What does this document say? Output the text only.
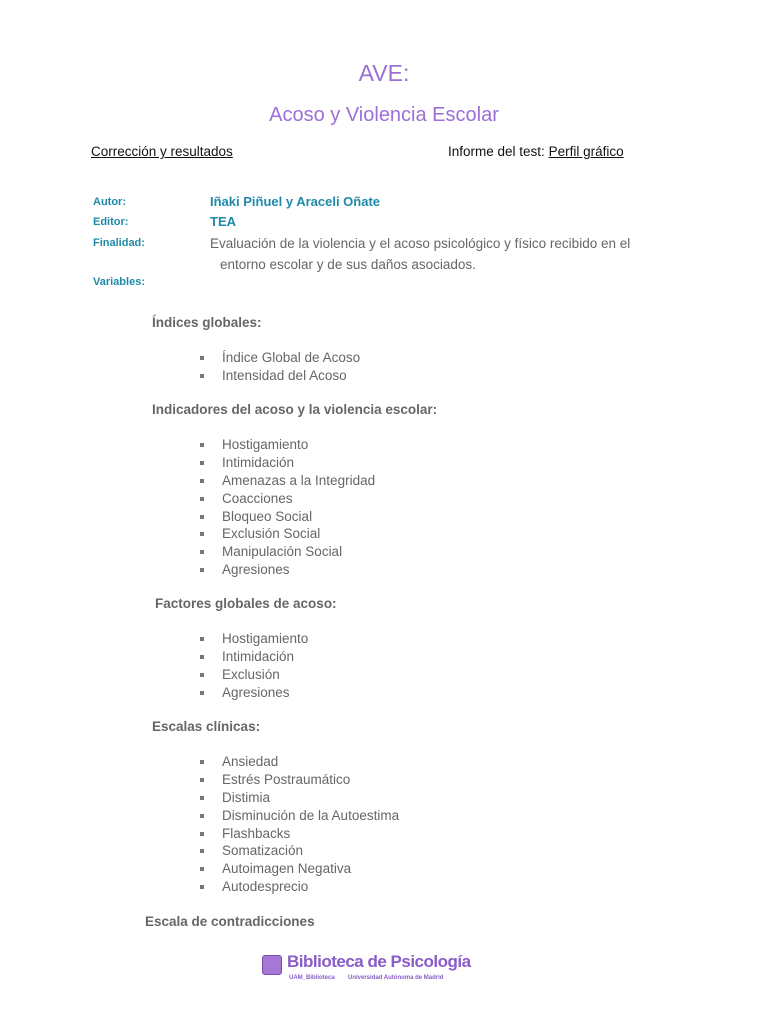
AVE:
Acoso y Violencia Escolar
Corrección y resultados	Informe del test: Perfil gráfico
Autor:	Iñaki Piñuel y Araceli Oñate
Editor:	TEA
Finalidad:	Evaluación de la violencia y el acoso psicológico y físico recibido en el
entorno escolar y de sus daños asociados.
Variables:
Índices globales:
Índice Global de Acoso
Intensidad del Acoso
Indicadores del acoso y la violencia escolar:
Hostigamiento
Intimidación
Amenazas a la Integridad
Coacciones
Bloqueo Social
Exclusión Social
Manipulación Social
Agresiones
Factores globales de acoso:
Hostigamiento
Intimidación
Exclusión
Agresiones
Escalas clínicas:
Ansiedad
Estrés Postraumático
Distimia
Disminución de la Autoestima
Flashbacks
Somatización
Autoimagen Negativa
Autodesprecio
Escala de contradicciones
Biblioteca de Psicología
UAM_Biblioteca Universidad Autónoma de Madrid
